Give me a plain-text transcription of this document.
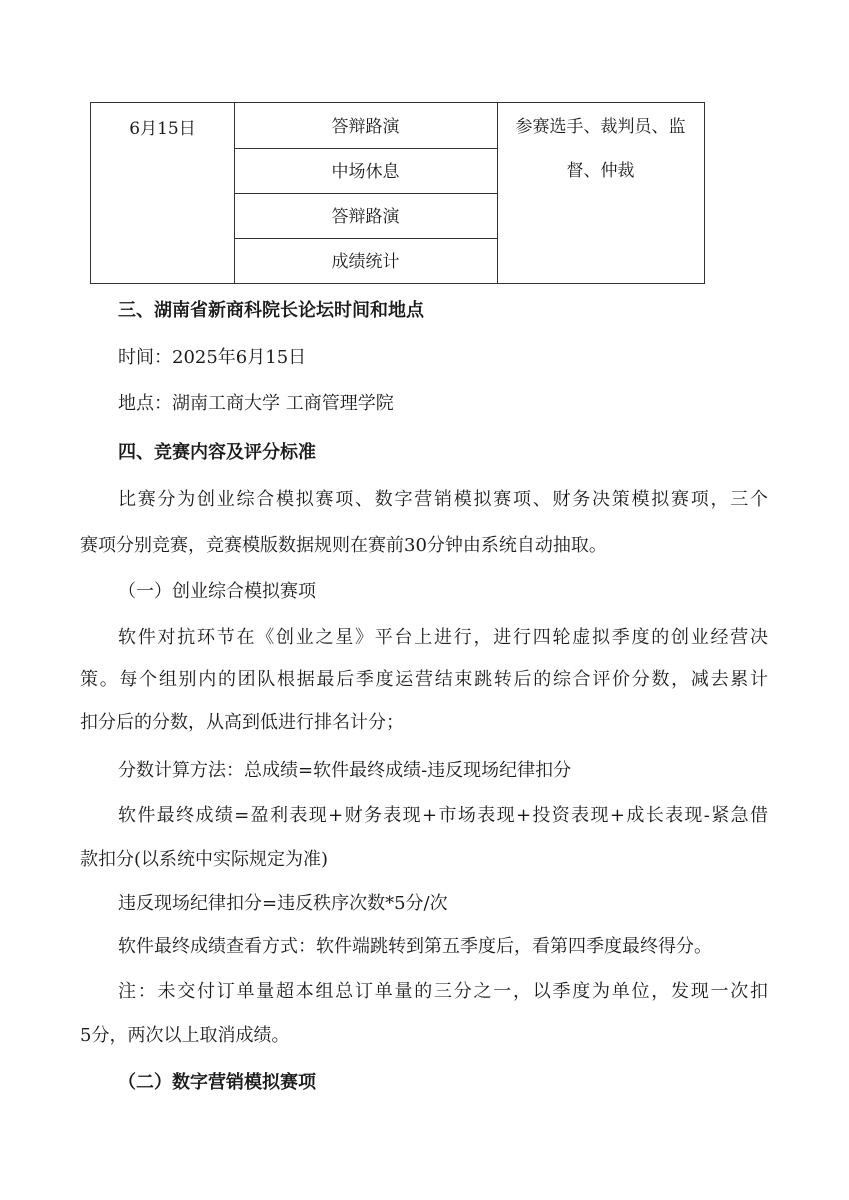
6月15日	答辩路演
中场休息
答辩路演
成绩统计
参赛选手、裁判员、监
督、仲裁
三、湖南省新商科院长论坛时间和地点
时间：2025年6月15日
地点：湖南工商大学 工商管理学院
四、竞赛内容及评分标准
比赛分为创业综合模拟赛项、数字营销模拟赛项、财务决策模拟赛项，三个
赛项分别竞赛，竞赛模版数据规则在赛前30分钟由系统自动抽取。
（一）创业综合模拟赛项
软件对抗环节在《创业之星》平台上进行，进行四轮虚拟季度的创业经营决
策。每个组别内的团队根据最后季度运营结束跳转后的综合评价分数，减去累计
扣分后的分数，从高到低进行排名计分；
分数计算方法：总成绩=软件最终成绩-违反现场纪律扣分
软件最终成绩=盈利表现+财务表现+市场表现+投资表现+成长表现-紧急借
款扣分(以系统中实际规定为准)
违反现场纪律扣分=违反秩序次数*5分/次
软件最终成绩查看方式：软件端跳转到第五季度后，看第四季度最终得分。
注：未交付订单量超本组总订单量的三分之一，以季度为单位，发现一次扣
5分，两次以上取消成绩。
（二）数字营销模拟赛项
